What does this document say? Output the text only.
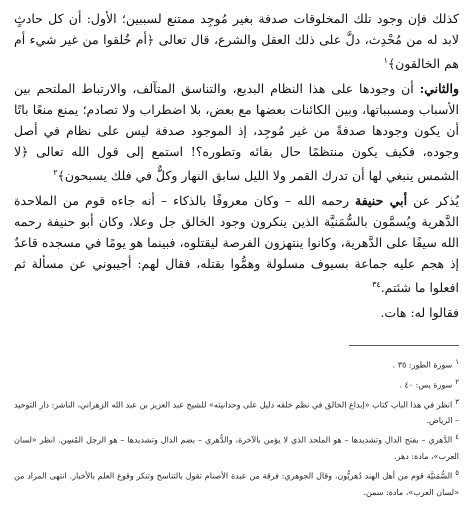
كذلك فإن وجود تلك المخلوقات صدفة بغير مُوجِد ممتنع لسببين؛ الأول: أن كل حادثٍ لابد له من مُحْدِث، دلَّ على ذلك العقل والشرع، قال تعالى ﴿أم خُلقوا من غير شيء أم هم الخالقون﴾$^١$

والثاني: أن وجودها على هذا النظام البديع، والتناسق المتآلف، والارتباط الملتحم بين الأسباب ومسبباتها، وبين الكائنات بعضها مع بعض، بلا اضطراب ولا تصادم؛ يمنع منعًا باتًا أن يكون وجودها صدفةً من غير مُوجِد، إذ الموجود صدفة ليس على نظام في أصل وجوده، فكيف يكون منتظمًا حال بقائه وتطوره؟! استمع إلى قول الله تعالى ﴿لا الشمس ينبغي لها أن تدرك القمر ولا الليل سابق النهار وكلٌّ في فلك يسبحون﴾$^٢$

يُذكر عن أبي حنيفة رحمه الله – وكان معروفًا بالذكاء – أنه جاءه قوم من الملاحدة الدَّهرية ويُسمَّون بالسُّمَنيَّة الذين ينكرون وجود الخالق جل وعلا، وكان أبو حنيفة رحمه الله سيفًا على الدَّهرية، وكانوا ينتهزون الفرصة ليقتلوه، فبينما هو يومًا في مسجده قاعدٌ إذ هجم عليه جماعة بسيوف مسلولة وهمُّوا بقتله، فقال لهم: أجيبوني عن مسألة ثم افعلوا ما شئتم.$^{٣٤}$

فقالوا له: هات.

١سورة الطور: ٣٥ .

٢سورة يس: ٤٠ .

٣انظر في هذا الباب كتاب «إبداع الخالق في نظم خلقه دليل على وحدانيته» للشيخ عبد العزيز بن عبد الله الزهراني، الناشر: دار التوحيد – الرياض.

٤الدَّهري – بفتح الدال وتشديدها – هو الملحد الذي لا يؤمن بالآخرة، والدُّهري – بضم الدال وتشديدها – هو الرجل المُسِن. انظر «لسان العرب»، مادة: دهر.

٥السُّمَنيَّة قوم من أهل الهند دُهريُّون، وقال الجوهري: فرقة من عبدة الأصنام تقول بالتناسخ وتنكر وقوع العلم بالأخبار. انتهى المراد من «لسان العرب»، مادة: سمن.
